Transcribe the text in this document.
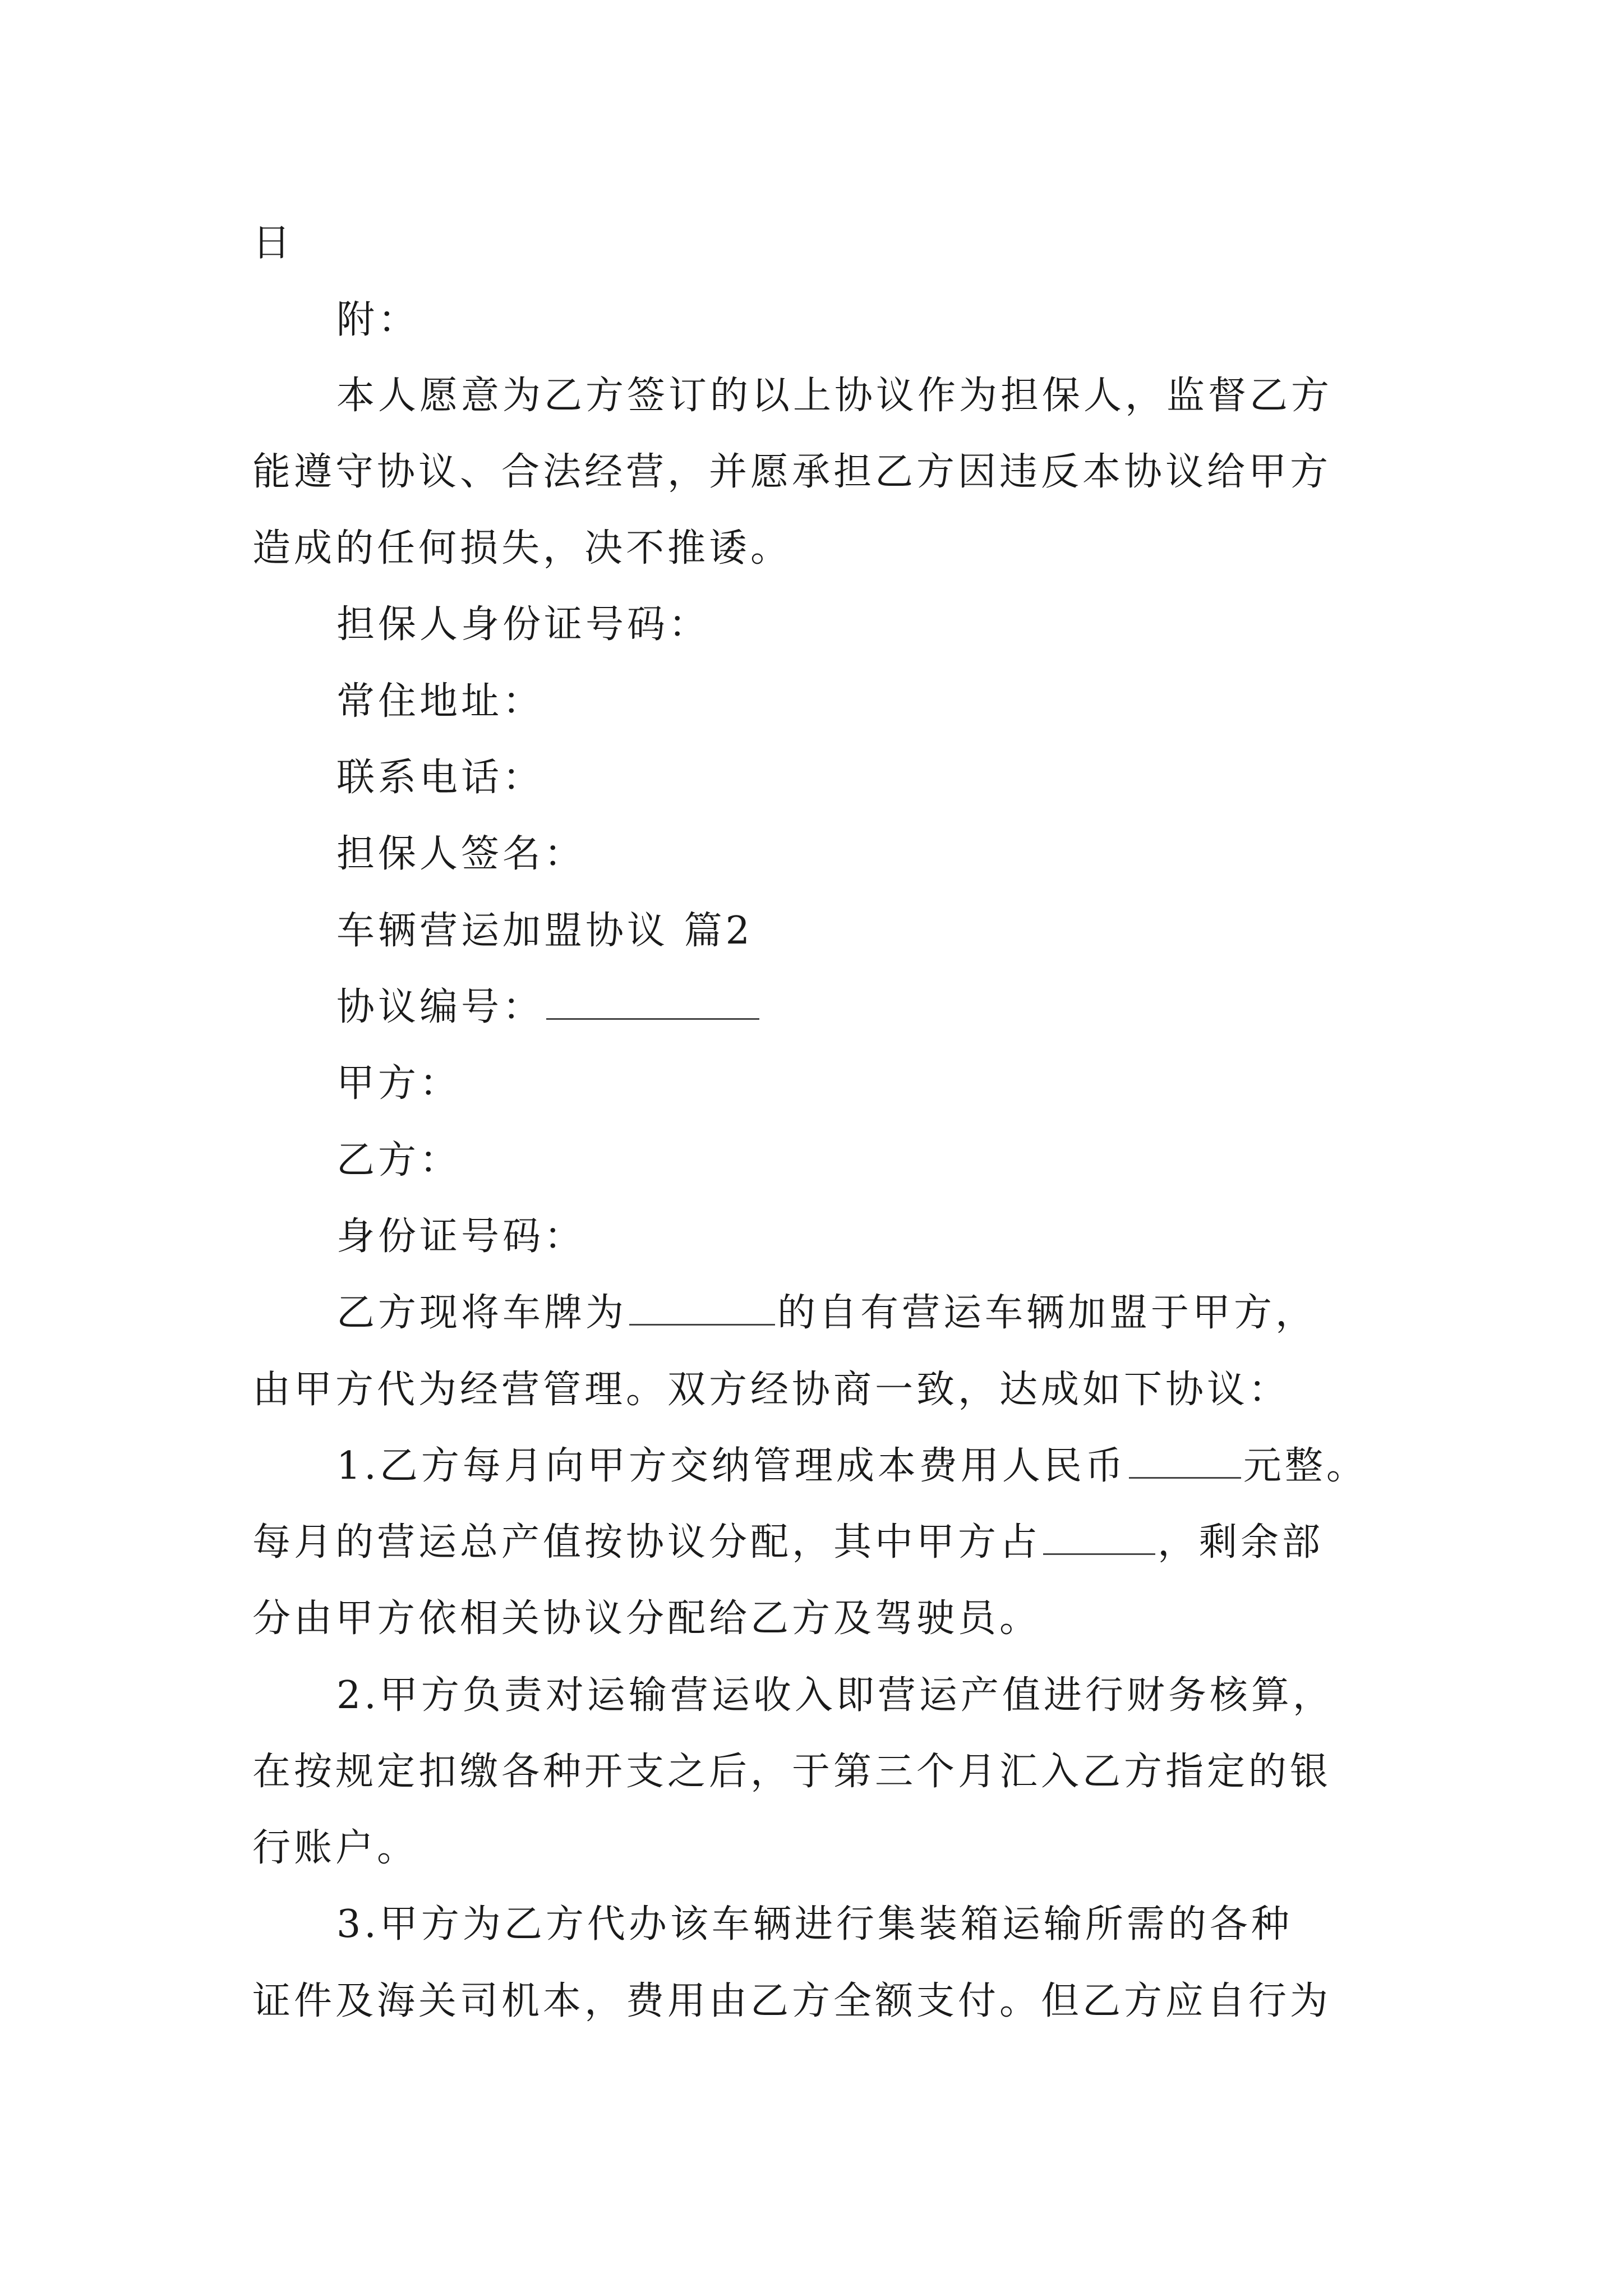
日
附：
本人愿意为乙方签订的以上协议作为担保人，监督乙方
能遵守协议、合法经营，并愿承担乙方因违反本协议给甲方
造成的任何损失，决不推诿。
担保人身份证号码：
常住地址：
联系电话：
担保人签名：
车辆营运加盟协议 篇2
协议编号：
甲方：
乙方：
身份证号码：
乙方现将车牌为	的自有营运车辆加盟于甲方，
由甲方代为经营管理。双方经协商一致，达成如下协议：
1.乙方每月向甲方交纳管理成本费用人民币	元整。
每月的营运总产值按协议分配，其中甲方占	，剩余部
分由甲方依相关协议分配给乙方及驾驶员。
2.甲方负责对运输营运收入即营运产值进行财务核算，
在按规定扣缴各种开支之后，于第三个月汇入乙方指定的银
行账户。
3.甲方为乙方代办该车辆进行集装箱运输所需的各种
证件及海关司机本，费用由乙方全额支付。但乙方应自行为
